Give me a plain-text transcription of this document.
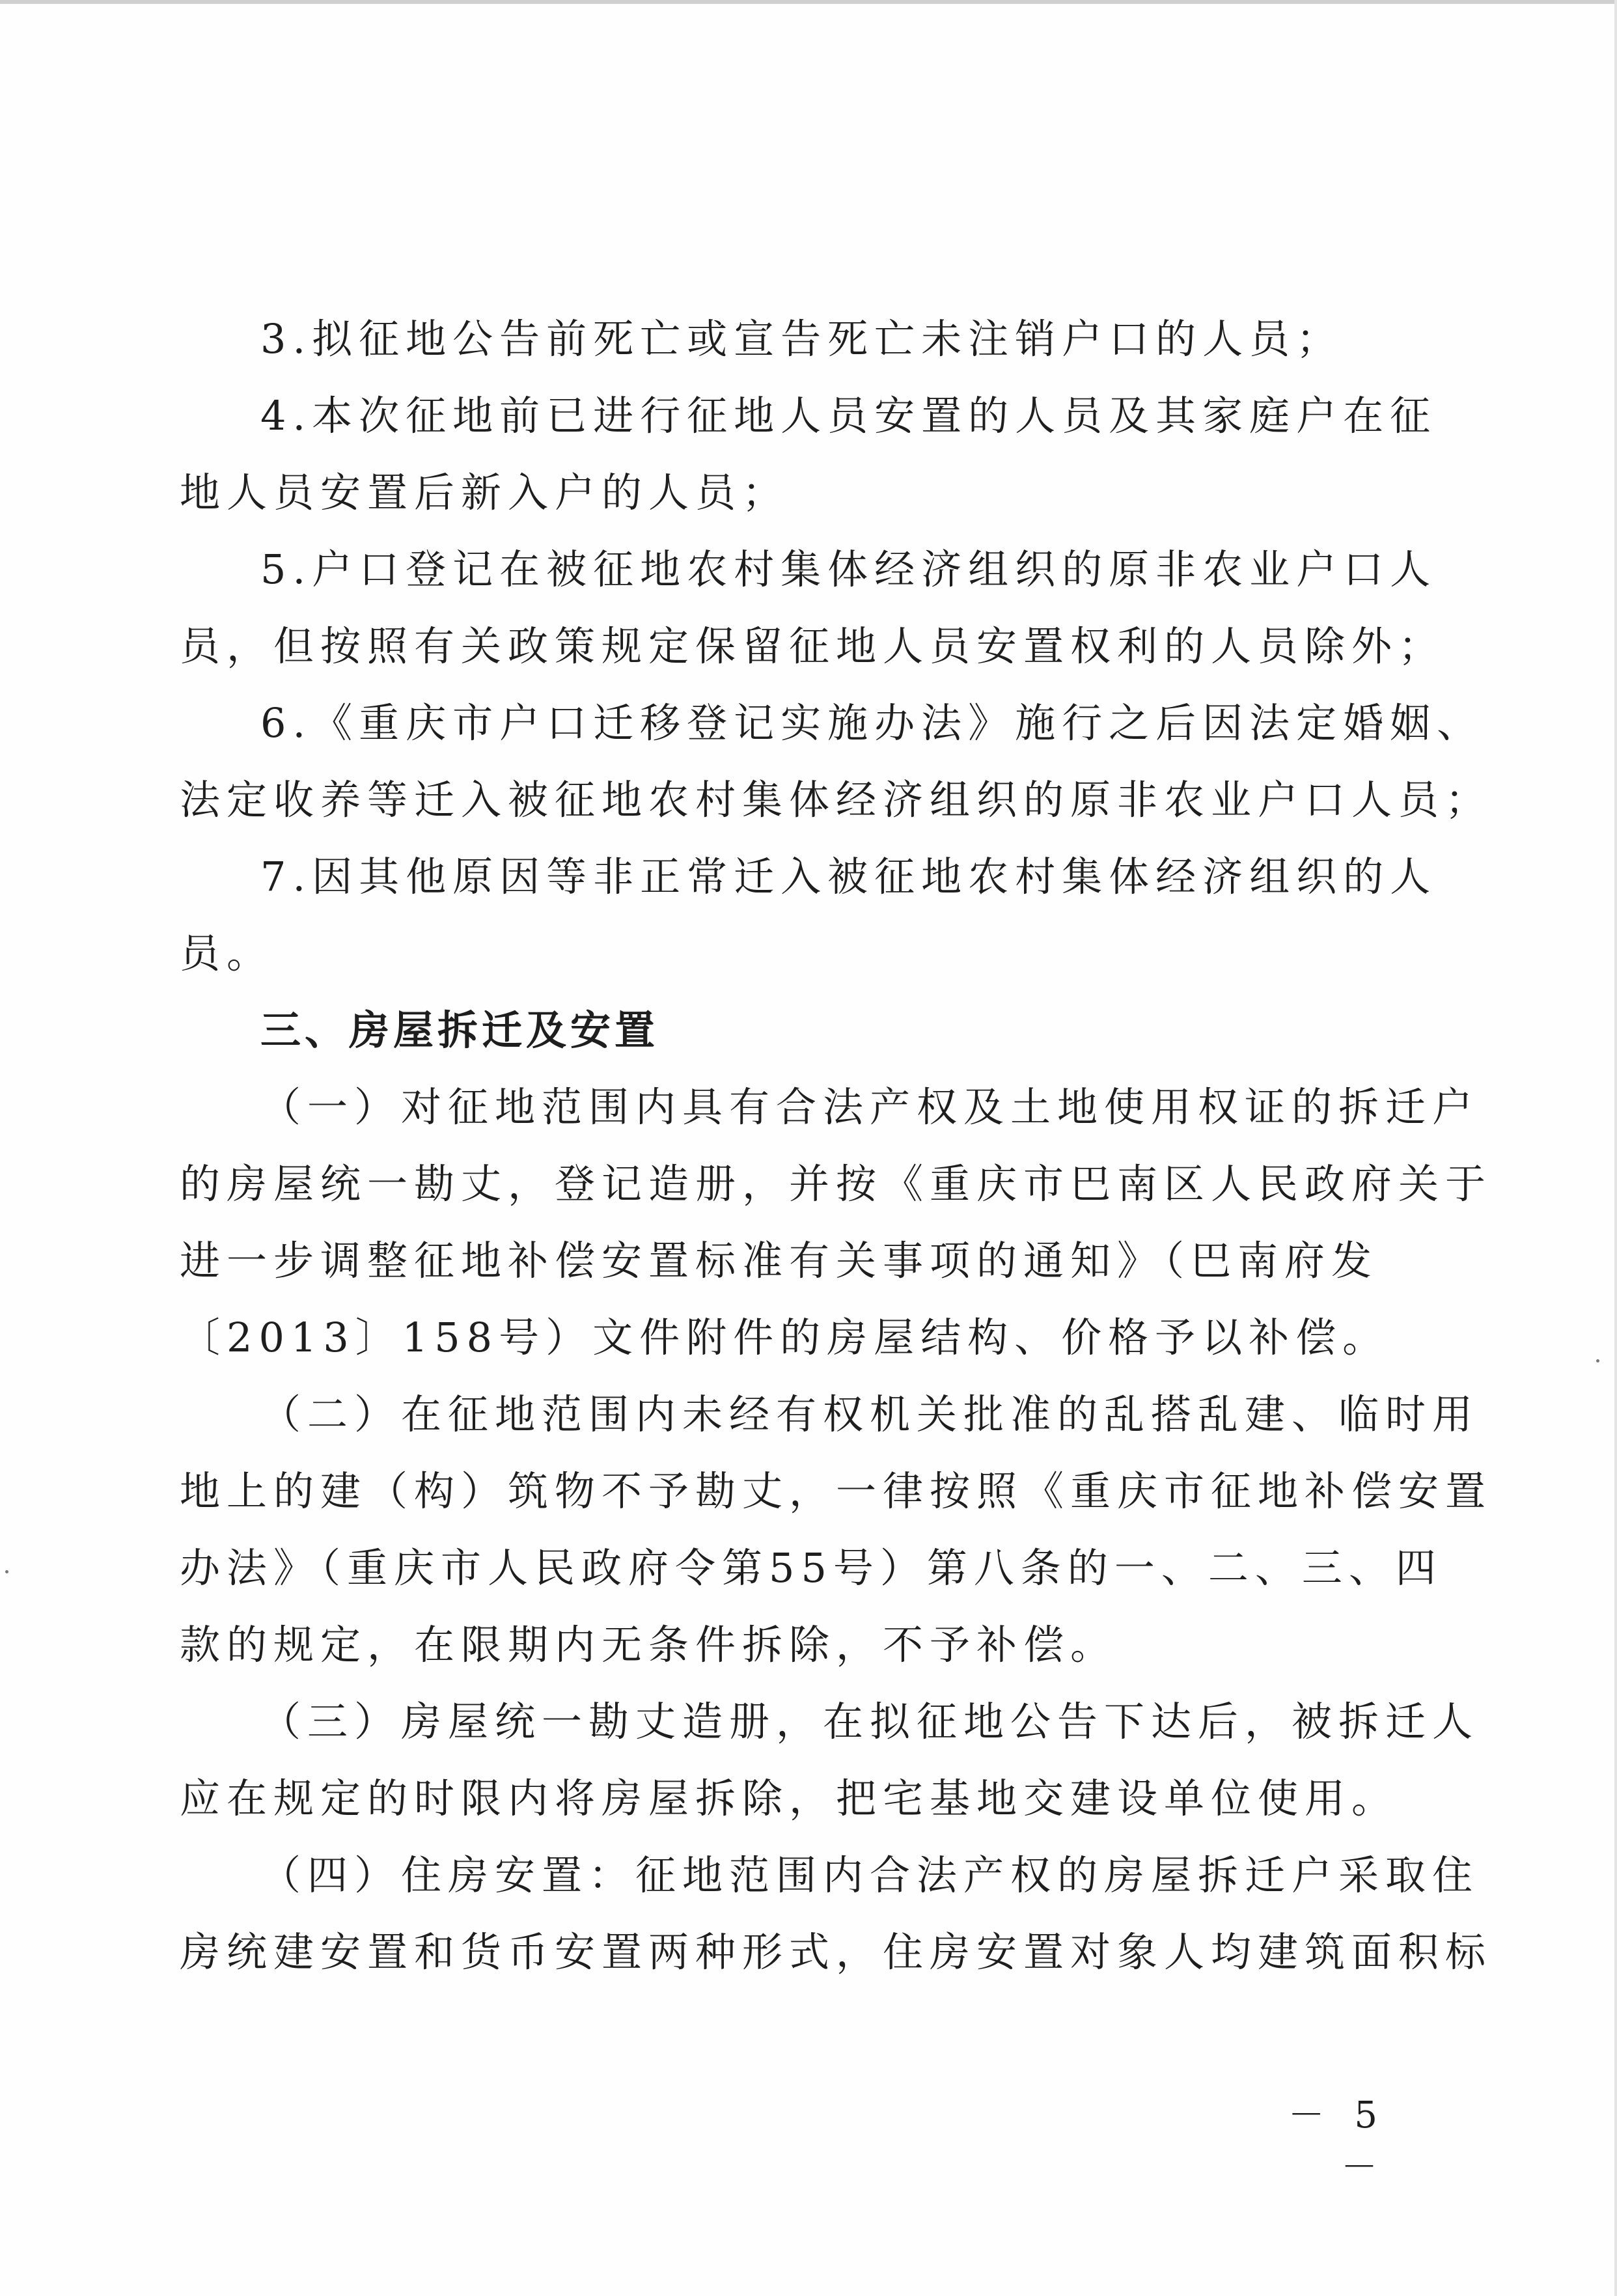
3.拟征地公告前死亡或宣告死亡未注销户口的人员；
4.本次征地前已进行征地人员安置的人员及其家庭户在征
地人员安置后新入户的人员；
5.户口登记在被征地农村集体经济组织的原非农业户口人
员，但按照有关政策规定保留征地人员安置权利的人员除外；
6.《重庆市户口迁移登记实施办法》施行之后因法定婚姻、
法定收养等迁入被征地农村集体经济组织的原非农业户口人员；
7.因其他原因等非正常迁入被征地农村集体经济组织的人
员。
三、房屋拆迁及安置
（一）对征地范围内具有合法产权及土地使用权证的拆迁户
的房屋统一勘丈，登记造册，并按《重庆市巴南区人民政府关于
进一步调整征地补偿安置标准有关事项的通知》（巴南府发
〔2013〕158号）文件附件的房屋结构、价格予以补偿。
（二）在征地范围内未经有权机关批准的乱搭乱建、临时用
地上的建（构）筑物不予勘丈，一律按照《重庆市征地补偿安置
办法》（重庆市人民政府令第55号）第八条的一、二、三、四
款的规定，在限期内无条件拆除，不予补偿。
（三）房屋统一勘丈造册，在拟征地公告下达后，被拆迁人
应在规定的时限内将房屋拆除，把宅基地交建设单位使用。
（四）住房安置：征地范围内合法产权的房屋拆迁户采取住
房统建安置和货币安置两种形式，住房安置对象人均建筑面积标
－ 5 －
